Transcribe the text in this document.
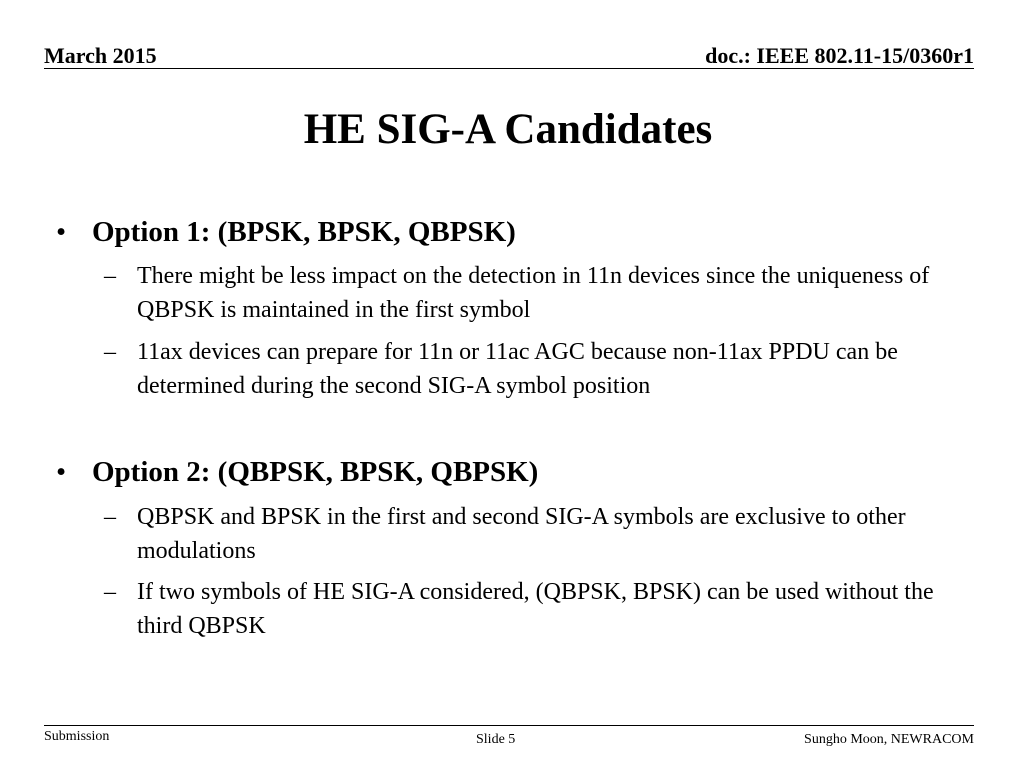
March 2015	doc.: IEEE 802.11-15/0360r1
HE SIG-A Candidates
• Option 1: (BPSK, BPSK, QBPSK)
– There might be less impact on the detection in 11n devices since the uniqueness of QBPSK is maintained in the first symbol
– 11ax devices can prepare for 11n or 11ac AGC because non-11ax PPDU can be determined during the second SIG-A symbol position
• Option 2: (QBPSK, BPSK, QBPSK)
– QBPSK and BPSK in the first and second SIG-A symbols are exclusive to other modulations
– If two symbols of HE SIG-A considered, (QBPSK, BPSK) can be used without the third QBPSK
Submission	Slide 5	Sungho Moon, NEWRACOM
